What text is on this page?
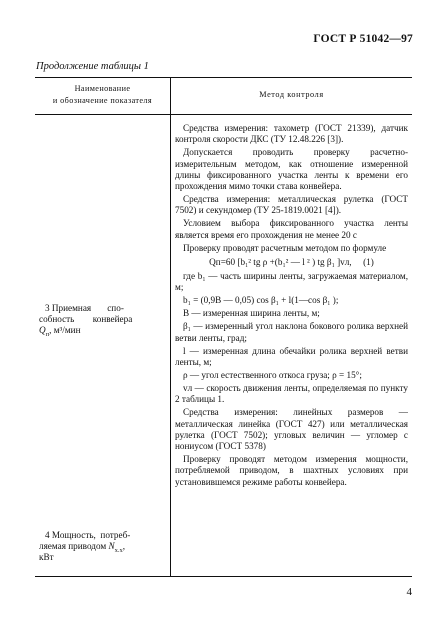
ГОСТ Р 51042—97
Продолжение таблицы 1
Наименование
и обозначение показателя
Метод контроля
3 Приемная       спо-
собность        конвейера
$Q_п$, м³/мин
4 Мощность,  потреб-
ляемая приводом $N_{х.х}$,
кВт

Средства измерения: тахометр (ГОСТ 21339), датчик контроля скорости ДКС (ТУ 12.48.226 [3]).

Допускается проводить проверку расчетно-измерительным методом, как отношение измеренной длины фиксированного участка ленты к времени его прохождения мимо точки става конвейера.

Средства измерения: металлическая рулетка (ГОСТ 7502) и секундомер (ТУ 25-1819.0021 [4]).

Условием выбора фиксированного участка ленты является время его прохождения не менее 20 с

Проверку проводят расчетным методом по формуле

Qп=60 [b₁² tg ρ +(b₁² — l ² ) tg β₁ ]vл, (1)

где b₁ — часть ширины ленты, загружаемая материалом, м;

b₁ = (0,9B — 0,05) cos β₁ + l(1—cos β₁ );

B — измеренная ширина ленты, м;

β₁ — измеренный угол наклона бокового ролика верхней ветви ленты, град;

l — измеренная длина обечайки ролика верхней ветви ленты, м;

ρ — угол естественного откоса груза; ρ = 15°;

vл — скорость движения ленты, определяемая по пункту 2 таблицы 1.

Средства измерения: линейных размеров — металлическая линейка (ГОСТ 427) или металлическая рулетка (ГОСТ 7502); угловых величин — угломер с нониусом (ГОСТ 5378)

Проверку проводят методом измерения мощности, потребляемой приводом, в шахтных условиях при установившемся режиме работы конвейера.

4
